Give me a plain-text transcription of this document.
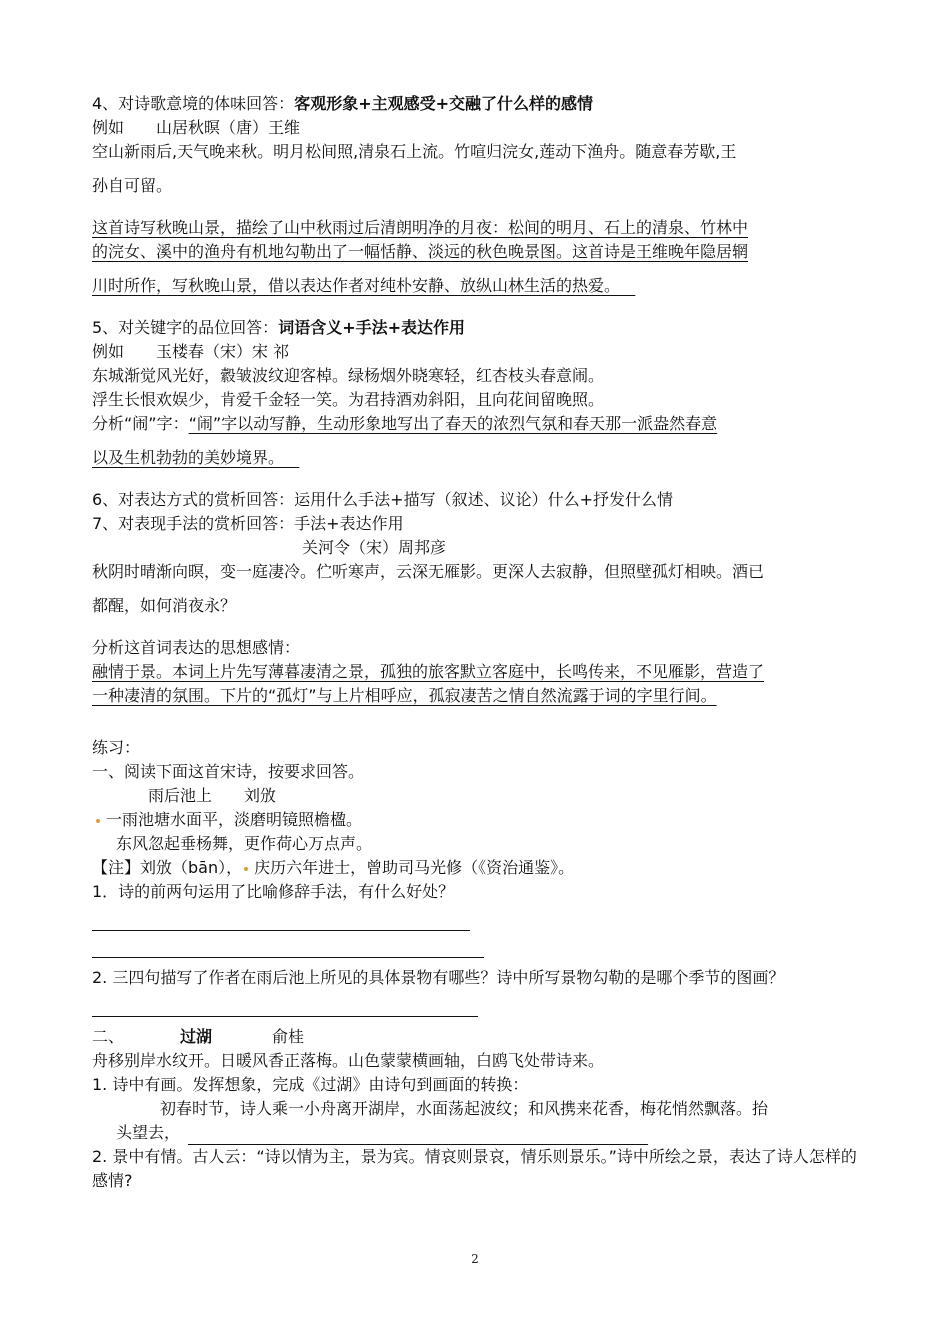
4、对诗歌意境的体味回答：客观形象+主观感受+交融了什么样的感情
例如　　山居秋暝（唐）王维
空山新雨后,天气晚来秋。明月松间照,清泉石上流。竹喧归浣女,莲动下渔舟。随意春芳歇,王
孙自可留。
这首诗写秋晚山景，描绘了山中秋雨过后清朗明净的月夜：松间的明月、石上的清泉、竹林中
的浣女、溪中的渔舟有机地勾勒出了一幅恬静、淡远的秋色晚景图。这首诗是王维晚年隐居辋
川时所作，写秋晚山景，借以表达作者对纯朴安静、放纵山林生活的热爱。
5、对关键字的品位回答：词语含义+手法+表达作用
例如　　玉楼春（宋）宋 祁
东城渐觉风光好，縠皱波纹迎客棹。绿杨烟外晓寒轻，红杏枝头春意闹。
浮生长恨欢娱少，肯爱千金轻一笑。为君持酒劝斜阳，且向花间留晚照。
分析“闹”字：“闹”字以动写静，生动形象地写出了春天的浓烈气氛和春天那一派盎然春意
以及生机勃勃的美妙境界。
6、对表达方式的赏析回答：运用什么手法+描写（叙述、议论）什么+抒发什么情
7、对表现手法的赏析回答：手法+表达作用
关河令（宋）周邦彦
秋阴时晴渐向暝，变一庭凄冷。伫听寒声，云深无雁影。更深人去寂静，但照壁孤灯相映。酒已
都醒，如何消夜永？
分析这首词表达的思想感情：
融情于景。本词上片先写薄暮凄清之景，孤独的旅客默立客庭中，长鸣传来，不见雁影，营造了
一种凄清的氛围。下片的“孤灯”与上片相呼应，孤寂凄苦之情自然流露于词的字里行间。
练习：
一、阅读下面这首宋诗，按要求回答。
雨后池上　　刘攽
一雨池塘水面平，淡磨明镜照檐楹。
东风忽起垂杨舞，更作荷心万点声。
【注】刘攽（bān）， 庆历六年进士，曾助司马光修（《资治通鉴》。
1．诗的前两句运用了比喻修辞手法，有什么好处？
2. 三四句描写了作者在雨后池上所见的具体景物有哪些？诗中所写景物勾勒的是哪个季节的图画？
二、	过湖	俞桂
舟移别岸水纹开。日暖风香正落梅。山色蒙蒙横画轴，白鸥飞处带诗来。
1. 诗中有画。发挥想象，完成《过湖》由诗句到画面的转换：
初春时节，诗人乘一小舟离开湖岸，水面荡起波纹；和风携来花香，梅花悄然飘落。抬
头望去，
2. 景中有情。古人云：“诗以情为主，景为宾。情哀则景哀，情乐则景乐。”诗中所绘之景，表达了诗人怎样的感情?
2
